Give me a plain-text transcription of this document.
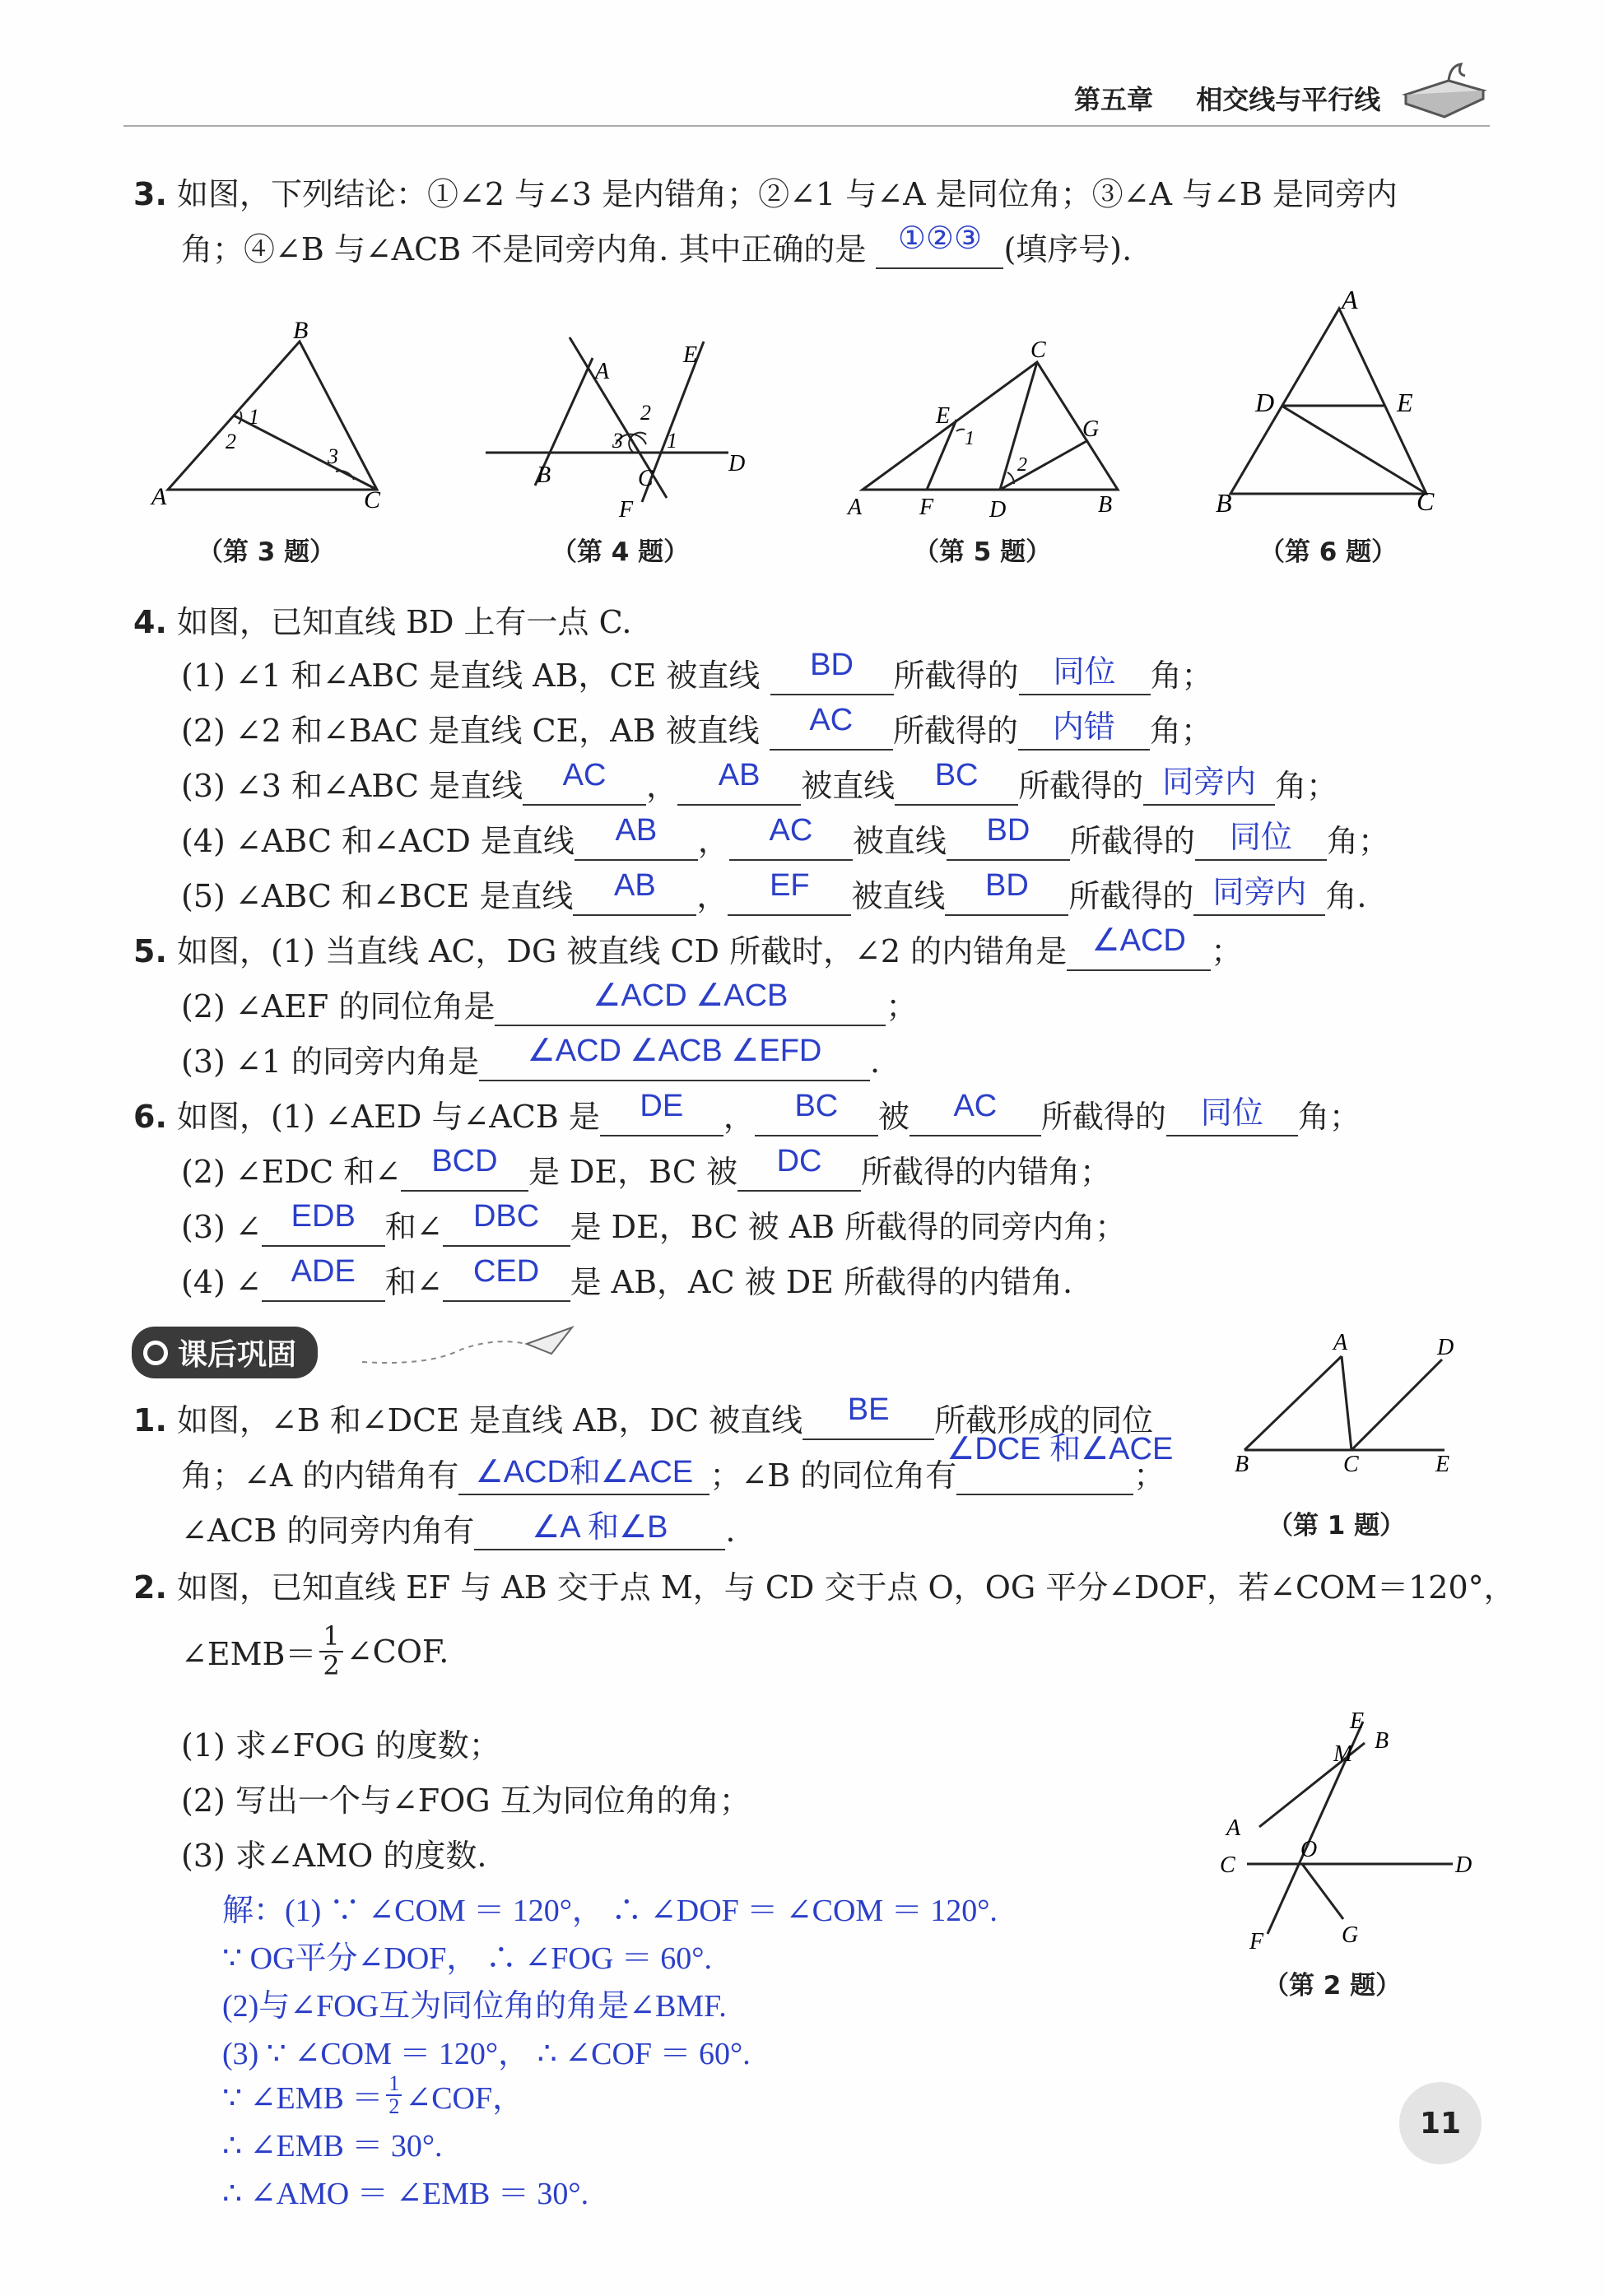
第五章 相交线与平行线
3. 如图，下列结论：①∠2 与∠3 是内错角；②∠1 与∠A 是同位角；③∠A 与∠B 是同旁内
角；④∠B 与∠ACB 不是同旁内角. 其中正确的是 ①②③ (填序号).
A
B
C
1
2
3
（第 3 题）
A
E
B	C
D
F
2
3 1
（第 4 题）
A F D	B
C
E
G
1
2
（第 5 题）
A
D	E
B	C
（第 6 题）
4. 如图，已知直线 BD 上有一点 C.
(1) ∠1 和∠ABC 是直线 AB，CE 被直线 BD 所截得的 同位 角；
(2) ∠2 和∠BAC 是直线 CE，AB 被直线 AC 所截得的 内错 角；
(3) ∠3 和∠ABC 是直线 AC ， AB 被直线 BC 所截得的 同旁内 角；
(4) ∠ABC 和∠ACD 是直线 AB ， AC 被直线 BD 所截得的 同位 角；
(5) ∠ABC 和∠BCE 是直线 AB ， EF 被直线 BD 所截得的 同旁内 角.
5. 如图，(1) 当直线 AC，DG 被直线 CD 所截时，∠2 的内错角是 ∠ACD ；
(2) ∠AEF 的同位角是	∠ACD ∠ACB	；
(3) ∠1 的同旁内角是 ∠ACD ∠ACB ∠EFD .
6. 如图，(1) ∠AED 与∠ACB 是 DE ， BC 被 AC 所截得的 同位 角；
(2) ∠EDC 和∠ BCD 是 DE，BC 被 DC 所截得的内错角；
(3) ∠ EDB 和∠ DBC 是 DE，BC 被 AB 所截得的同旁内角；
(4) ∠ ADE 和∠ CED 是 AB，AC 被 DE 所截得的内错角.
课后巩固	A	D
B	C	E
（第 1 题）
1. 如图，∠B 和∠DCE 是直线 AB，DC 被直线 BE 所截形成的同位
角；∠A 的内错角有 ∠ACD和∠ACE ；∠B 的同位角有
∠DCE 和∠ACE
；
∠ACB 的同旁内角有 ∠A 和∠B .
2. 如图，已知直线 EF 与 AB 交于点 M，与 CD 交于点 O，OG 平分∠DOF，若∠COM＝120°，
∠EMB＝ $\frac{1}{2}$ ∠COF.
(1) 求∠FOG 的度数；
(2) 写出一个与∠FOG 互为同位角的角；
(3) 求∠AMO 的度数.
解：(1) ∵ ∠COM ＝ 120°， ∴ ∠DOF ＝ ∠COM ＝ 120°.
∵ OG平分∠DOF， ∴ ∠FOG ＝ 60°.
(2)与∠FOG互为同位角的角是∠BMF.
(3) ∵ ∠COM ＝ 120°， ∴ ∠COF ＝ 60°.
∵ ∠EMB ＝ $\frac{1}{2}$ ∠COF，
∴ ∠EMB ＝ 30°.
∴ ∠AMO ＝ ∠EMB ＝ 30°.
E
M
B
A
O
C	D
G
F
（第 2 题）
11
